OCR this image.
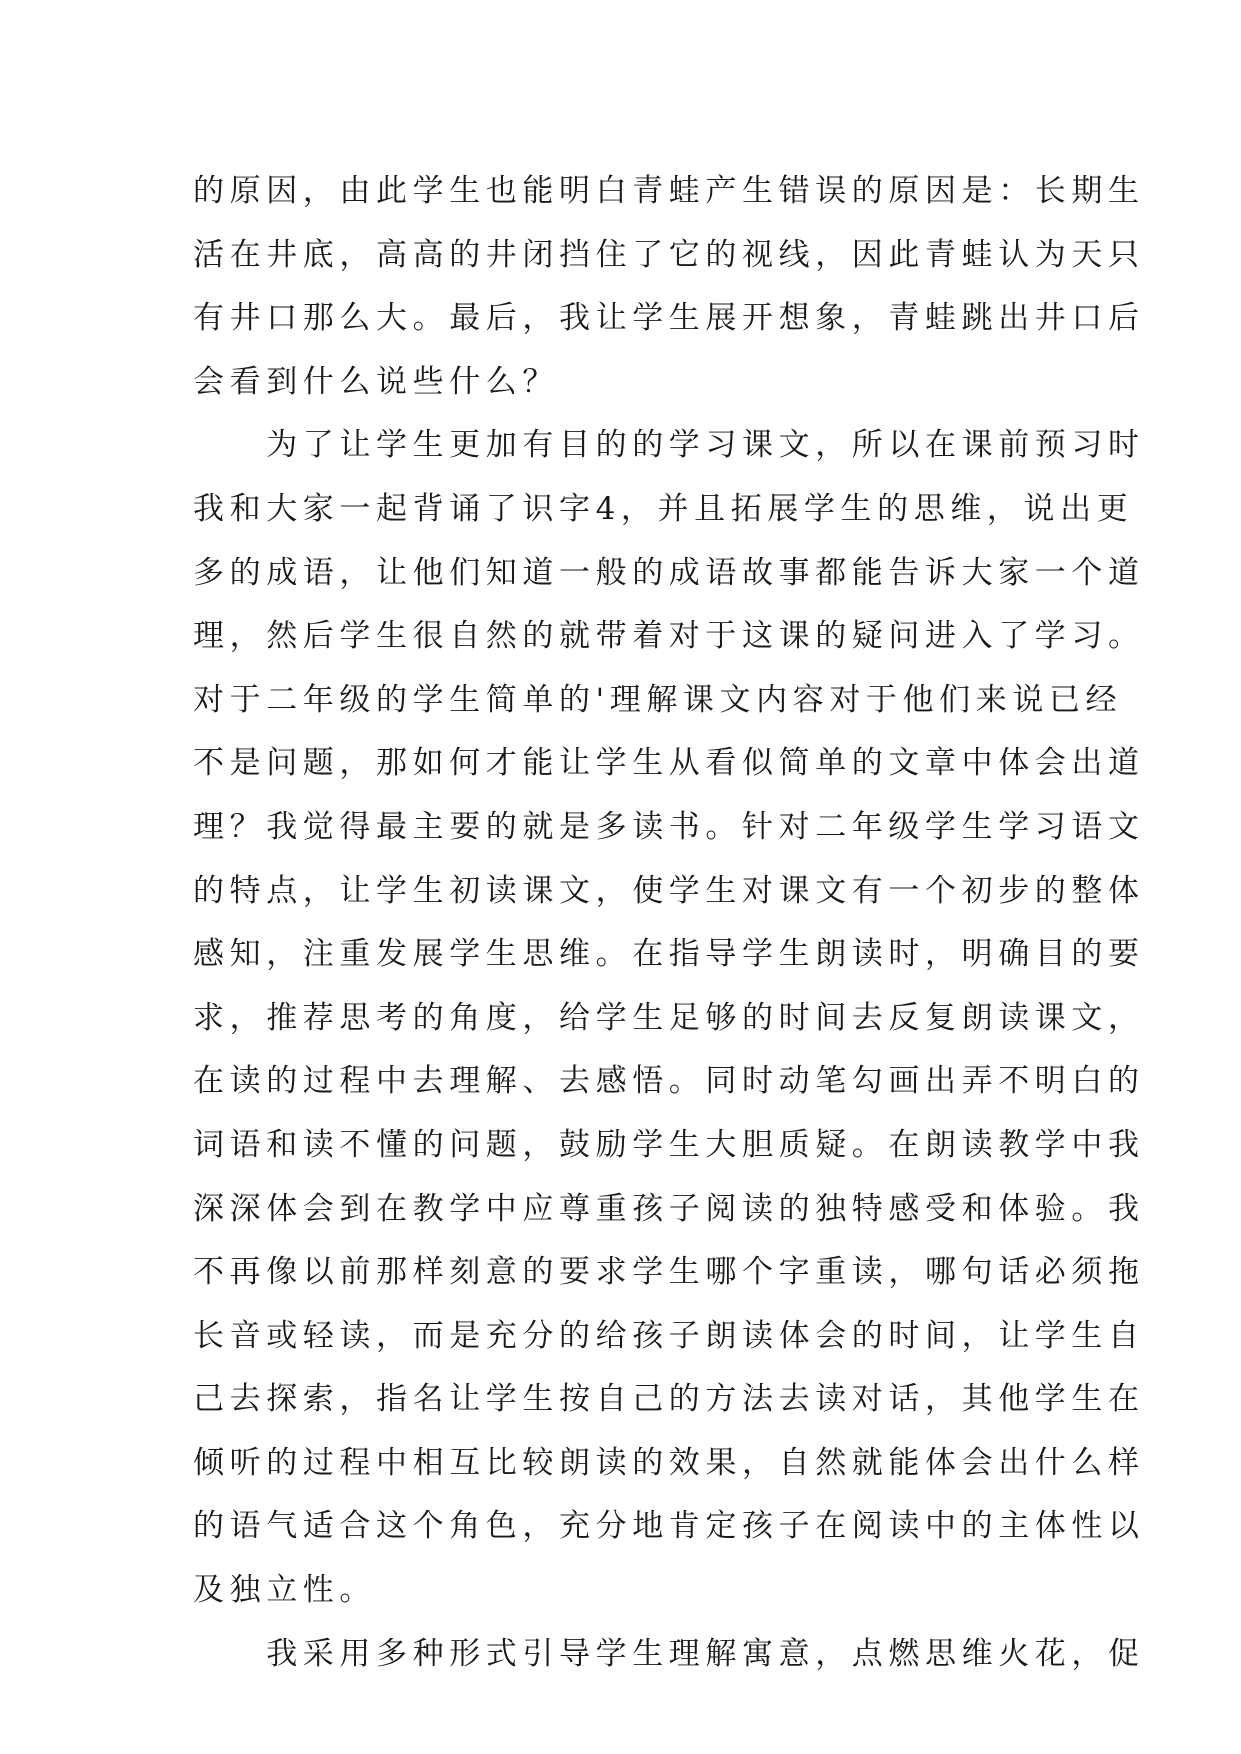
的原因，由此学生也能明白青蛙产生错误的原因是：长期生
活在井底，高高的井闭挡住了它的视线，因此青蛙认为天只
有井口那么大。最后，我让学生展开想象，青蛙跳出井口后
会看到什么说些什么？
　　为了让学生更加有目的的学习课文，所以在课前预习时
我和大家一起背诵了识字4，并且拓展学生的思维，说出更
多的成语，让他们知道一般的成语故事都能告诉大家一个道
理，然后学生很自然的就带着对于这课的疑问进入了学习。
对于二年级的学生简单的'理解课文内容对于他们来说已经
不是问题，那如何才能让学生从看似简单的文章中体会出道
理？我觉得最主要的就是多读书。针对二年级学生学习语文
的特点，让学生初读课文，使学生对课文有一个初步的整体
感知，注重发展学生思维。在指导学生朗读时，明确目的要
求，推荐思考的角度，给学生足够的时间去反复朗读课文，
在读的过程中去理解、去感悟。同时动笔勾画出弄不明白的
词语和读不懂的问题，鼓励学生大胆质疑。在朗读教学中我
深深体会到在教学中应尊重孩子阅读的独特感受和体验。我
不再像以前那样刻意的要求学生哪个字重读，哪句话必须拖
长音或轻读，而是充分的给孩子朗读体会的时间，让学生自
己去探索，指名让学生按自己的方法去读对话，其他学生在
倾听的过程中相互比较朗读的效果，自然就能体会出什么样
的语气适合这个角色，充分地肯定孩子在阅读中的主体性以
及独立性。
　　我采用多种形式引导学生理解寓意，点燃思维火花，促
